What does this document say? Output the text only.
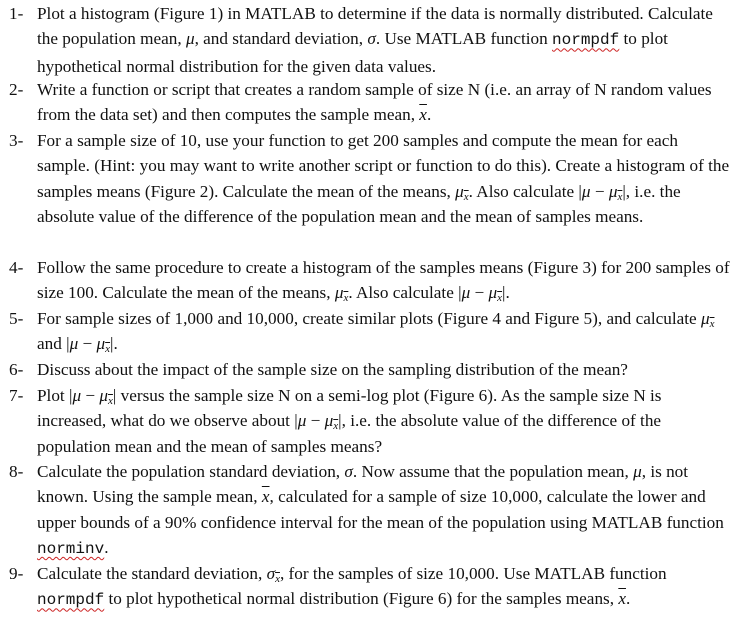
1- Plot a histogram (Figure 1) in MATLAB to determine if the data is normally distributed. Calculate the population mean, μ, and standard deviation, σ. Use MATLAB function normpdf to plot hypothetical normal distribution for the given data values.
2- Write a function or script that creates a random sample of size N (i.e. an array of N random values from the data set) and then computes the sample mean, $\overline{x}$.
3- For a sample size of 10, use your function to get 200 samples and compute the mean for each sample. (Hint: you may want to write another script or function to do this). Create a histogram of the samples means (Figure 2). Calculate the mean of the means, $\mu_{\overline{x}}$. Also calculate $|\mu - \mu_{\overline{x}}|$, i.e. the absolute value of the difference of the population mean and the mean of samples means.
4- Follow the same procedure to create a histogram of the samples means (Figure 3) for 200 samples of size 100. Calculate the mean of the means, $\mu_{\overline{x}}$. Also calculate $|\mu - \mu_{\overline{x}}|$.
5- For sample sizes of 1,000 and 10,000, create similar plots (Figure 4 and Figure 5), and calculate $\mu_{\overline{x}}$ and $|\mu - \mu_{\overline{x}}|$.
6- Discuss about the impact of the sample size on the sampling distribution of the mean?
7- Plot $|\mu - \mu_{\overline{x}}|$ versus the sample size N on a semi-log plot (Figure 6). As the sample size N is increased, what do we observe about $|\mu - \mu_{\overline{x}}|$, i.e. the absolute value of the difference of the population mean and the mean of samples means?
8- Calculate the population standard deviation, σ. Now assume that the population mean, μ, is not known. Using the sample mean, $\overline{x}$, calculated for a sample of size 10,000, calculate the lower and upper bounds of a 90% confidence interval for the mean of the population using MATLAB function norminv.
9- Calculate the standard deviation, $\sigma_{\overline{x}}$, for the samples of size 10,000. Use MATLAB function normpdf to plot hypothetical normal distribution (Figure 6) for the samples means, $\overline{x}$.
